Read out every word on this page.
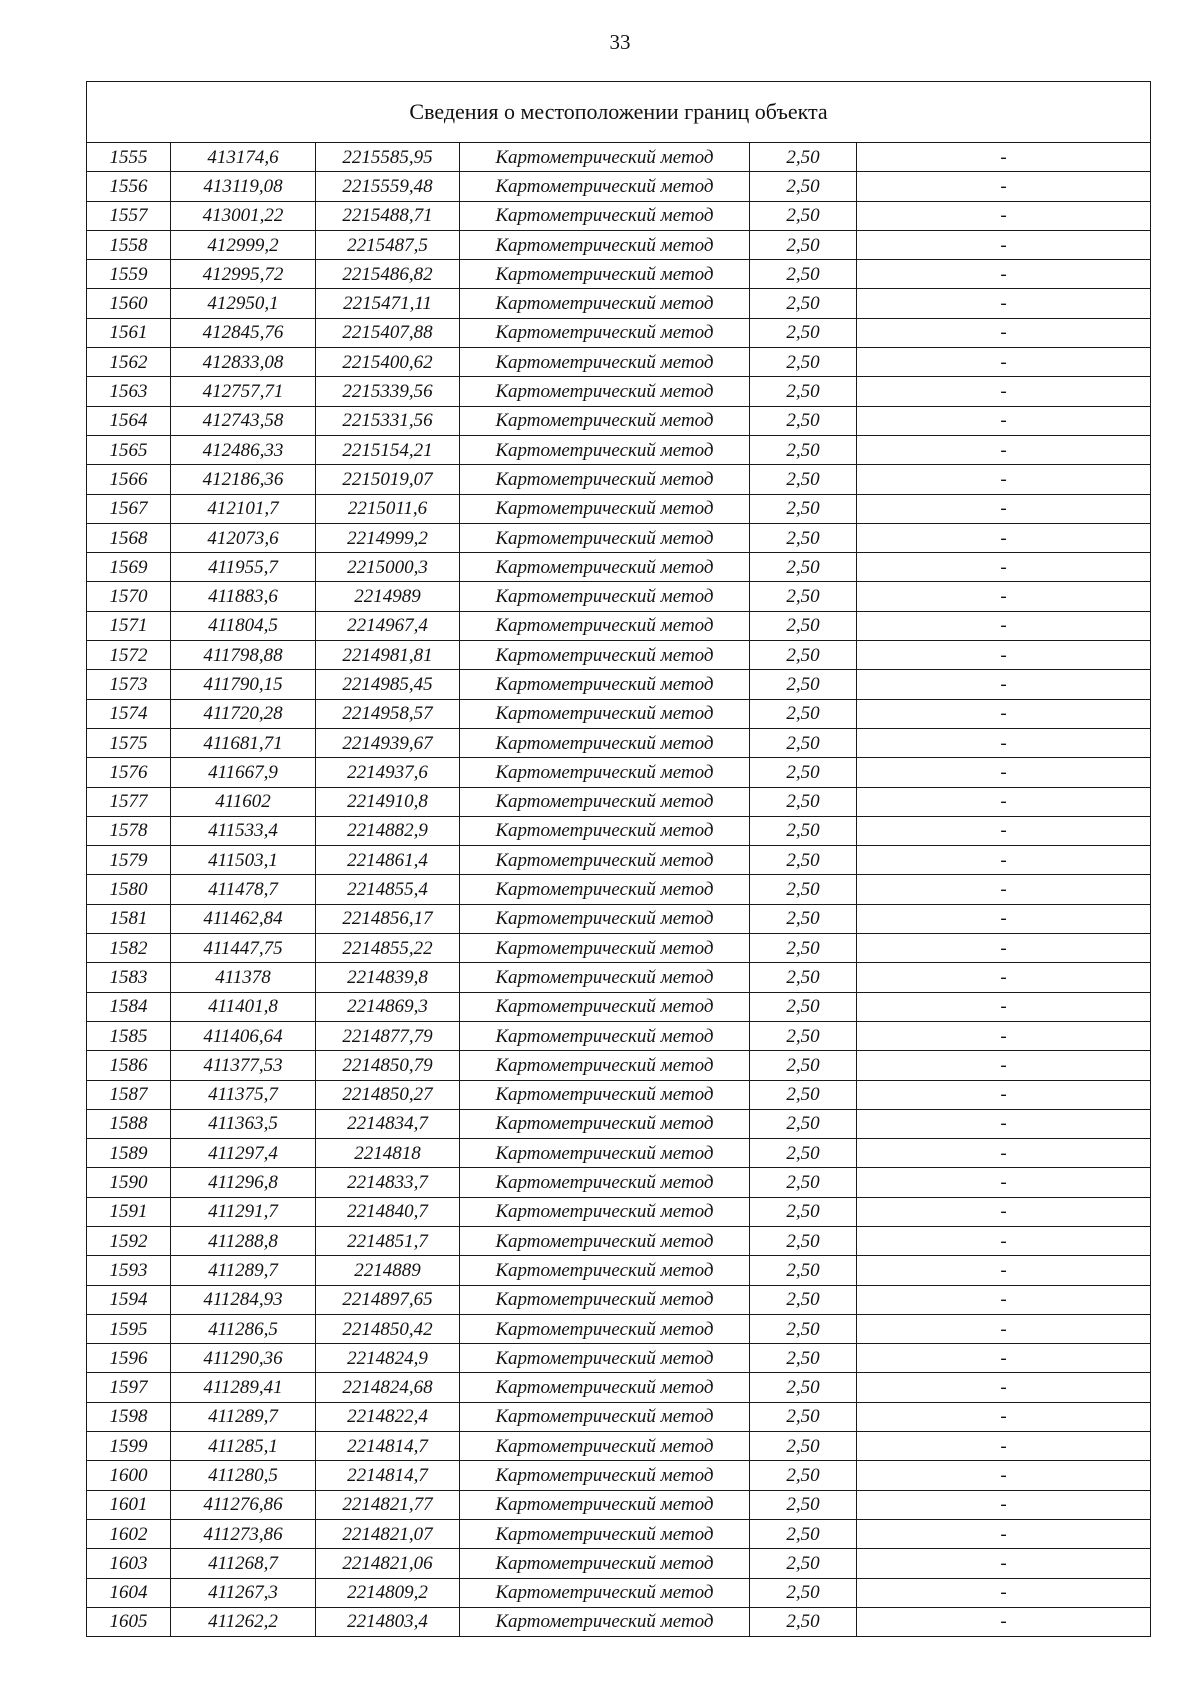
33
Сведения о местоположении границ объекта					
1555	413174,6	2215585,95	Картометрический метод	2,50	-
1556	413119,08	2215559,48	Картометрический метод	2,50	-
1557	413001,22	2215488,71	Картометрический метод	2,50	-
1558	412999,2	2215487,5	Картометрический метод	2,50	-
1559	412995,72	2215486,82	Картометрический метод	2,50	-
1560	412950,1	2215471,11	Картометрический метод	2,50	-
1561	412845,76	2215407,88	Картометрический метод	2,50	-
1562	412833,08	2215400,62	Картометрический метод	2,50	-
1563	412757,71	2215339,56	Картометрический метод	2,50	-
1564	412743,58	2215331,56	Картометрический метод	2,50	-
1565	412486,33	2215154,21	Картометрический метод	2,50	-
1566	412186,36	2215019,07	Картометрический метод	2,50	-
1567	412101,7	2215011,6	Картометрический метод	2,50	-
1568	412073,6	2214999,2	Картометрический метод	2,50	-
1569	411955,7	2215000,3	Картометрический метод	2,50	-
1570	411883,6	2214989	Картометрический метод	2,50	-
1571	411804,5	2214967,4	Картометрический метод	2,50	-
1572	411798,88	2214981,81	Картометрический метод	2,50	-
1573	411790,15	2214985,45	Картометрический метод	2,50	-
1574	411720,28	2214958,57	Картометрический метод	2,50	-
1575	411681,71	2214939,67	Картометрический метод	2,50	-
1576	411667,9	2214937,6	Картометрический метод	2,50	-
1577	411602	2214910,8	Картометрический метод	2,50	-
1578	411533,4	2214882,9	Картометрический метод	2,50	-
1579	411503,1	2214861,4	Картометрический метод	2,50	-
1580	411478,7	2214855,4	Картометрический метод	2,50	-
1581	411462,84	2214856,17	Картометрический метод	2,50	-
1582	411447,75	2214855,22	Картометрический метод	2,50	-
1583	411378	2214839,8	Картометрический метод	2,50	-
1584	411401,8	2214869,3	Картометрический метод	2,50	-
1585	411406,64	2214877,79	Картометрический метод	2,50	-
1586	411377,53	2214850,79	Картометрический метод	2,50	-
1587	411375,7	2214850,27	Картометрический метод	2,50	-
1588	411363,5	2214834,7	Картометрический метод	2,50	-
1589	411297,4	2214818	Картометрический метод	2,50	-
1590	411296,8	2214833,7	Картометрический метод	2,50	-
1591	411291,7	2214840,7	Картометрический метод	2,50	-
1592	411288,8	2214851,7	Картометрический метод	2,50	-
1593	411289,7	2214889	Картометрический метод	2,50	-
1594	411284,93	2214897,65	Картометрический метод	2,50	-
1595	411286,5	2214850,42	Картометрический метод	2,50	-
1596	411290,36	2214824,9	Картометрический метод	2,50	-
1597	411289,41	2214824,68	Картометрический метод	2,50	-
1598	411289,7	2214822,4	Картометрический метод	2,50	-
1599	411285,1	2214814,7	Картометрический метод	2,50	-
1600	411280,5	2214814,7	Картометрический метод	2,50	-
1601	411276,86	2214821,77	Картометрический метод	2,50	-
1602	411273,86	2214821,07	Картометрический метод	2,50	-
1603	411268,7	2214821,06	Картометрический метод	2,50	-
1604	411267,3	2214809,2	Картометрический метод	2,50	-
1605	411262,2	2214803,4	Картометрический метод	2,50	-
